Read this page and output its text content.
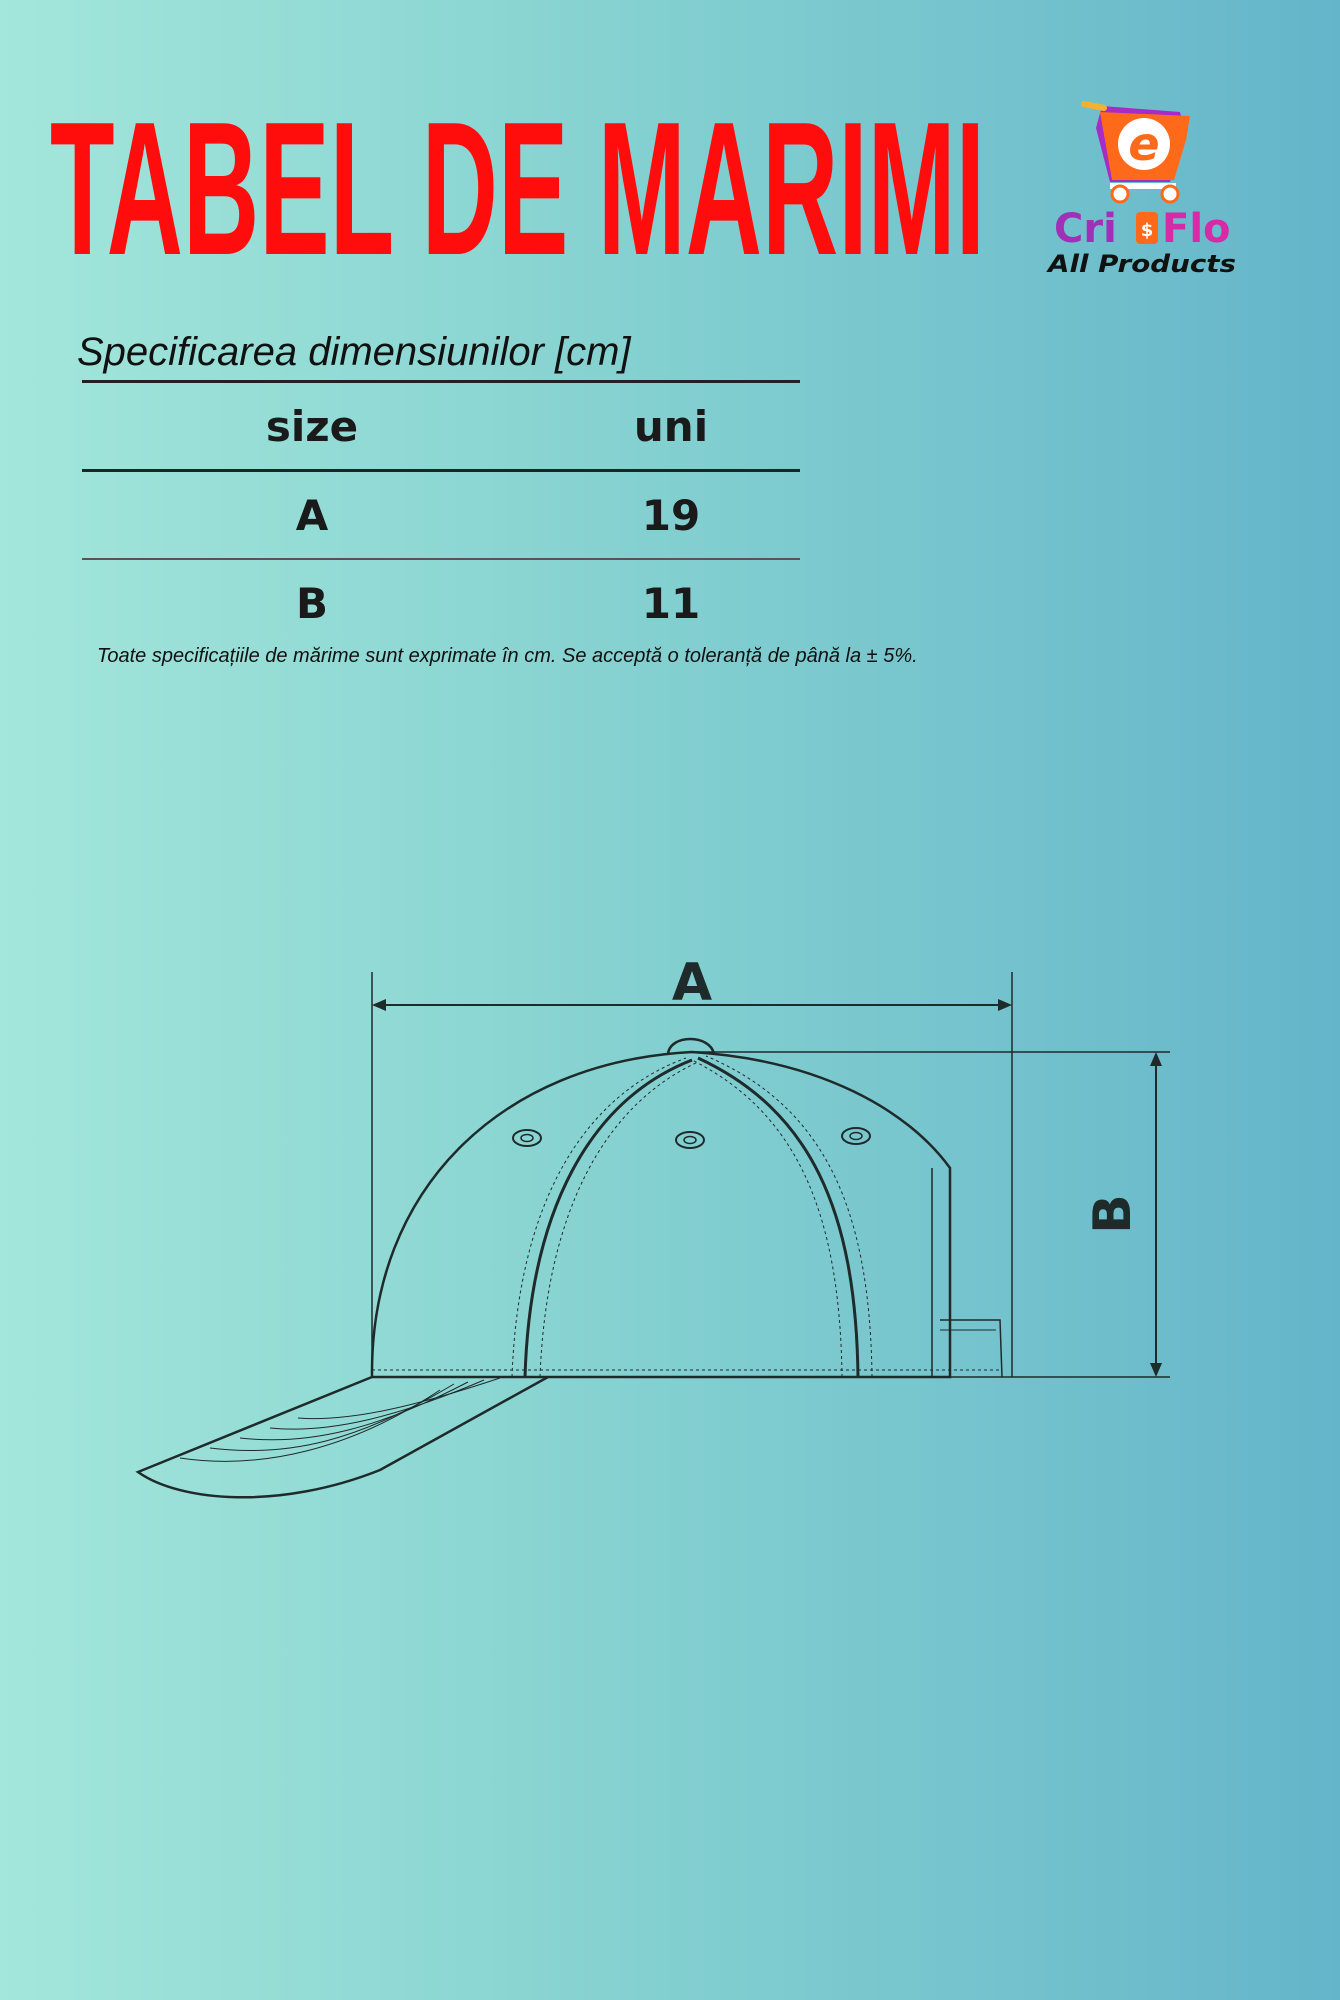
TABEL DE MARIMI	e
Cri $ Flo
All Products
Specificarea dimensiunilor [cm]
size	uni
A	19
B	11

Toate specificațiile de mărime sunt exprimate în cm. Se acceptă o toleranță de până la ± 5%.

A
B
